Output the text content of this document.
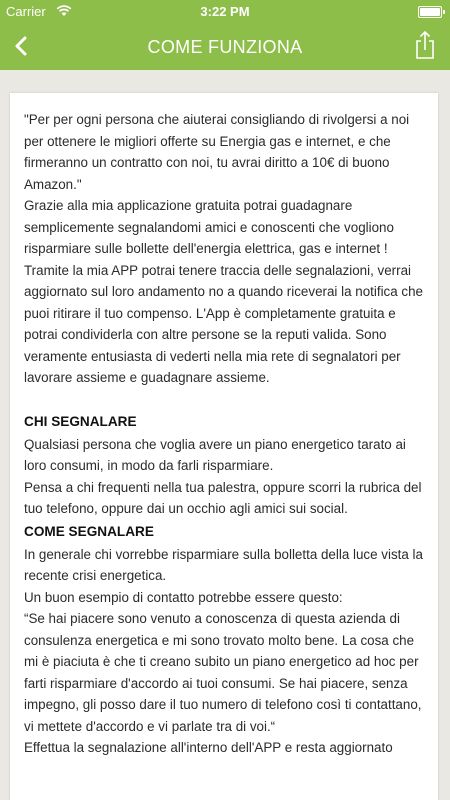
Carrier	3:22 PM
COME FUNZIONA

"Per per ogni persona che aiuterai consigliando di rivolgersi a noi per ottenere le migliori offerte su Energia gas e internet, e che firmeranno un contratto con noi, tu avrai diritto a 10€ di buono Amazon."

Grazie alla mia applicazione gratuita potrai guadagnare semplicemente segnalandomi amici e conoscenti che vogliono risparmiare sulle bollette dell'energia elettrica, gas e internet !

Tramite la mia APP potrai tenere traccia delle segnalazioni, verrai aggiornato sul loro andamento no a quando riceverai la notifica che puoi ritirare il tuo compenso. L'App è completamente gratuita e potrai condividerla con altre persone se la reputi valida. Sono veramente entusiasta di vederti nella mia rete di segnalatori per lavorare assieme e guadagnare assieme.

CHI SEGNALARE

Qualsiasi persona che voglia avere un piano energetico tarato ai loro consumi, in modo da farli risparmiare.

Pensa a chi frequenti nella tua palestra, oppure scorri la rubrica del tuo telefono, oppure dai un occhio agli amici sui social.

COME SEGNALARE

In generale chi vorrebbe risparmiare sulla bolletta della luce vista la recente crisi energetica.

Un buon esempio di contatto potrebbe essere questo:

“Se hai piacere sono venuto a conoscenza di questa azienda di consulenza energetica e mi sono trovato molto bene. La cosa che mi è piaciuta è che ti creano subito un piano energetico ad hoc per farti risparmiare d'accordo ai tuoi consumi. Se hai piacere, senza impegno, gli posso dare il tuo numero di telefono così ti contattano, vi mettete d'accordo e vi parlate tra di voi.“

Effettua la segnalazione all'interno dell'APP e resta aggiornato
